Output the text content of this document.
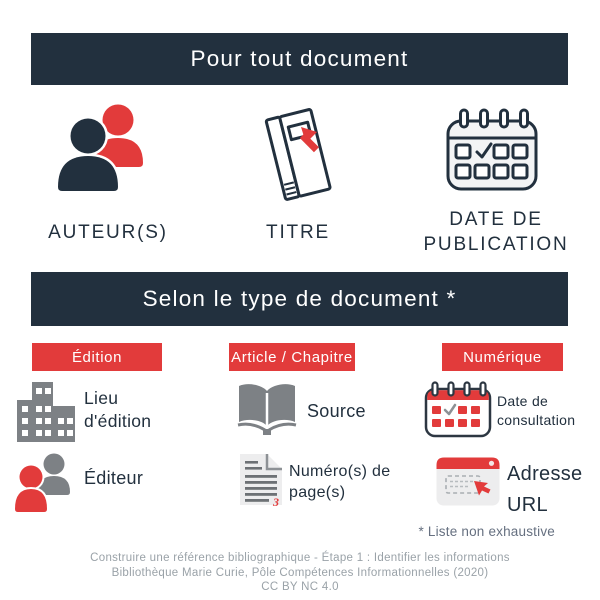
Pour tout document
AUTEUR(S)	TITRE
DATE DE PUBLICATION
Selon le type de document *
Édition	Article / Chapitre	Numérique
3
Lieu d'édition
Éditeur
Source
Numéro(s) de page(s)
Date de consultation
Adresse URL
* Liste non exhaustive
Construire une référence bibliographique - Étape 1 : Identifier les informations
Bibliothèque Marie Curie, Pôle Compétences Informationnelles (2020)
CC BY NC 4.0
